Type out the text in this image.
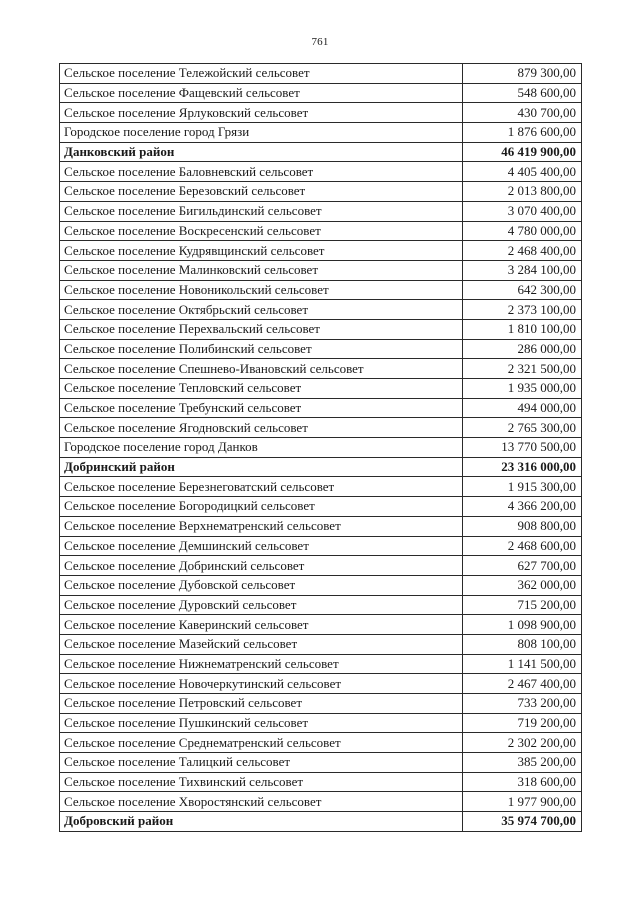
761
Сельское поселение Тележойский сельсовет	879 300,00
Сельское поселение Фащевский сельсовет	548 600,00
Сельское поселение Ярлуковский сельсовет	430 700,00
Городское поселение город Грязи	1 876 600,00
Данковский район	46 419 900,00
Сельское поселение Баловневский сельсовет	4 405 400,00
Сельское поселение Березовский сельсовет	2 013 800,00
Сельское поселение Бигильдинский сельсовет	3 070 400,00
Сельское поселение Воскресенский сельсовет	4 780 000,00
Сельское поселение Кудрявщинский сельсовет	2 468 400,00
Сельское поселение Малинковский сельсовет	3 284 100,00
Сельское поселение Новоникольский сельсовет	642 300,00
Сельское поселение Октябрьский сельсовет	2 373 100,00
Сельское поселение Перехвальский сельсовет	1 810 100,00
Сельское поселение Полибинский сельсовет	286 000,00
Сельское поселение Спешнево-Ивановский сельсовет	2 321 500,00
Сельское поселение Тепловский сельсовет	1 935 000,00
Сельское поселение Требунский сельсовет	494 000,00
Сельское поселение Ягодновский сельсовет	2 765 300,00
Городское поселение город Данков	13 770 500,00
Добринский район	23 316 000,00
Сельское поселение Березнеговатский сельсовет	1 915 300,00
Сельское поселение Богородицкий сельсовет	4 366 200,00
Сельское поселение Верхнематренский сельсовет	908 800,00
Сельское поселение Демшинский сельсовет	2 468 600,00
Сельское поселение Добринский сельсовет	627 700,00
Сельское поселение Дубовской сельсовет	362 000,00
Сельское поселение Дуровский сельсовет	715 200,00
Сельское поселение Каверинский сельсовет	1 098 900,00
Сельское поселение Мазейский сельсовет	808 100,00
Сельское поселение Нижнематренский сельсовет	1 141 500,00
Сельское поселение Новочеркутинский сельсовет	2 467 400,00
Сельское поселение Петровский сельсовет	733 200,00
Сельское поселение Пушкинский сельсовет	719 200,00
Сельское поселение Среднематренский сельсовет	2 302 200,00
Сельское поселение Талицкий сельсовет	385 200,00
Сельское поселение Тихвинский сельсовет	318 600,00
Сельское поселение Хворостянский сельсовет	1 977 900,00
Добровский район	35 974 700,00
